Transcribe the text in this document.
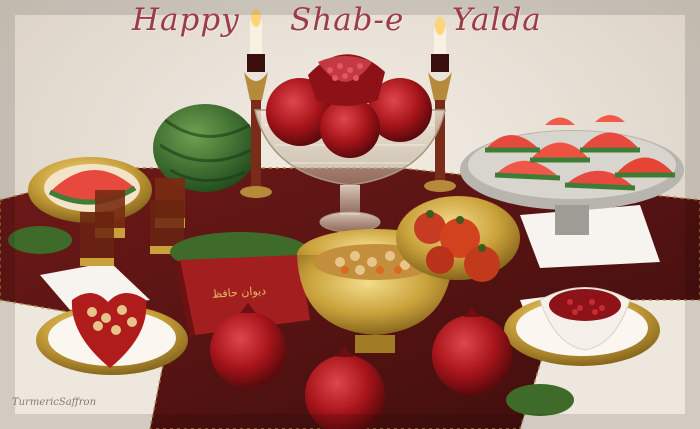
Happy Shab-e Yalda
دیوان حافظ
TurmericSaffron
